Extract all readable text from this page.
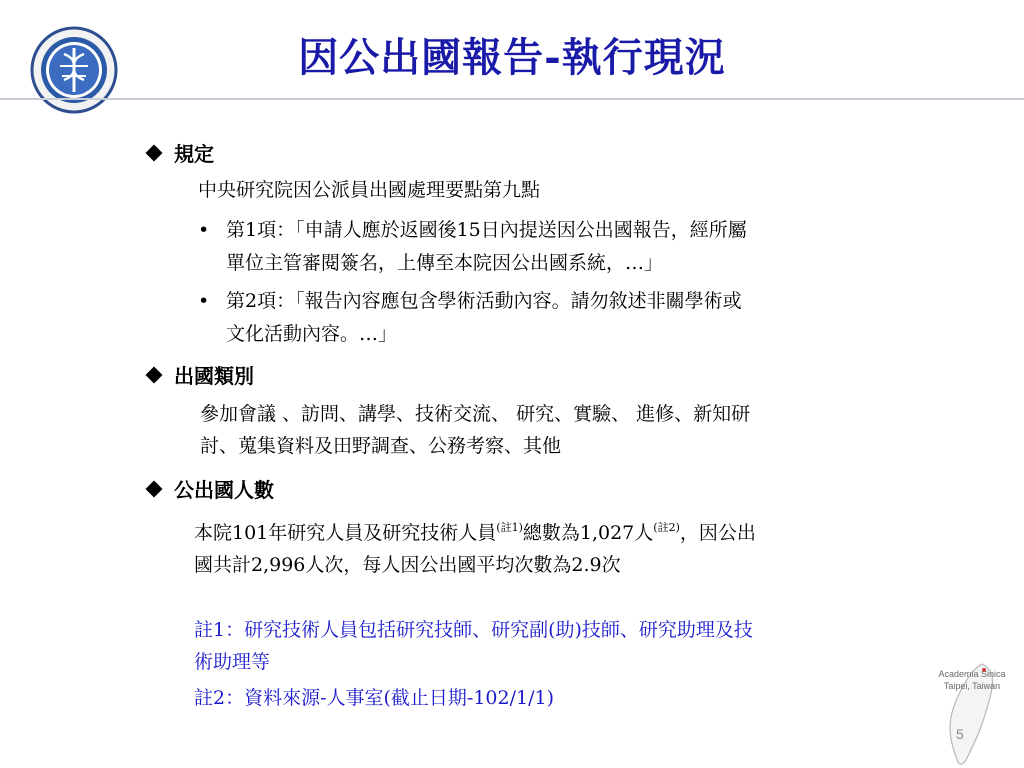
因公出國報告-執行現況
規定
中央研究院因公派員出國處理要點第九點
• 第1項：「申請人應於返國後15日內提送因公出國報告，經所屬
單位主管審閱簽名，上傳至本院因公出國系統，…」
• 第2項：「報告內容應包含學術活動內容。請勿敘述非關學術或
文化活動內容。…」
出國類別
參加會議 、訪問、講學、技術交流、 研究、實驗、 進修、新知研
討、蒐集資料及田野調查、公務考察、其他
公出國人數
本院101年研究人員及研究技術人員$^{(註1)}$總數為1,027人$^{(註2)}$，因公出
國共計2,996人次，每人因公出國平均次數為2.9次
註1：研究技術人員包括研究技師、研究副(助)技師、研究助理及技
術助理等
註2：資料來源-人事室(截止日期-102/1/1)
Academia Sinica
Taipei, Taiwan
5
